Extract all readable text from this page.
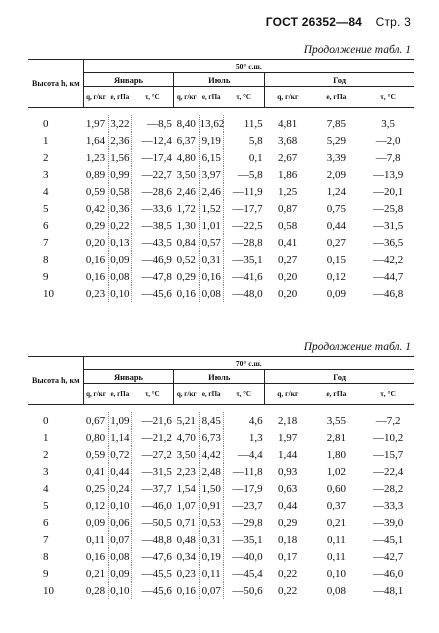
ГОСТ 26352—84 Стр. 3
Продолжение табл. 1
Высота h, км	50° с.ш.								
	Январь			Июль			Год		
	q, г/кг	e, гПа	τ, °C	q, г/кг	e, гПа	τ, °C	q, г/кг	e, гПа	τ, °C

0	1,97	3,22	—8,5	8,40	13,62	11,5	4,81	7,85	3,5
1	1,64	2,36	—12,4	6,37	9,19	5,8	3,68	5,29	—2,0
2	1,23	1,56	—17,4	4,80	6,15	0,1	2,67	3,39	—7,8
3	0,89	0,99	—22,7	3,50	3,97	—5,8	1,86	2,09	—13,9
4	0,59	0,58	—28,6	2,46	2,46	—11,9	1,25	1,24	—20,1
5	0,42	0,36	—33,6	1,72	1,52	—17,7	0,87	0,75	—25,8
6	0,29	0,22	—38,5	1,30	1,01	—22,5	0,58	0,44	—31,5
7	0,20	0,13	—43,5	0,84	0,57	—28,8	0,41	0,27	—36,5
8	0,16	0,09	—46,9	0,52	0,31	—35,1	0,27	0,15	—42,2
9	0,16	0,08	—47,8	0,29	0,16	—41,6	0,20	0,12	—44,7
10	0,23	0,10	—45,6	0,16	0,08	—48,0	0,20	0,09	—46,8
Продолжение табл. 1
Высота h, км	70° с.ш.								
	Январь			Июль			Год		
	q, г/кг	e, гПа	τ, °C	q, г/кг	e, гПа	τ, °C	q, г/кг	e, гПа	τ, °C

0	0,67	1,09	—21,6	5,21	8,45	4,6	2,18	3,55	—7,2
1	0,80	1,14	—21,2	4,70	6,73	1,3	1,97	2,81	—10,2
2	0,59	0,72	—27,2	3,50	4,42	—4,4	1,44	1,80	—15,7
3	0,41	0,44	—31,5	2,23	2,48	—11,8	0,93	1,02	—22,4
4	0,25	0,24	—37,7	1,54	1,50	—17,9	0,63	0,60	—28,2
5	0,12	0,10	—46,0	1,07	0,91	—23,7	0,44	0,37	—33,3
6	0,09	0,06	—50,5	0,71	0,53	—29,8	0,29	0,21	—39,0
7	0,11	0,07	—48,8	0,48	0,31	—35,1	0,18	0,11	—45,1
8	0,16	0,08	—47,6	0,34	0,19	—40,0	0,17	0,11	—42,7
9	0,21	0,09	—45,5	0,23	0,11	—45,4	0,22	0,10	—46,0
10	0,28	0,10	—45,6	0,16	0,07	—50,6	0,22	0,08	—48,1
